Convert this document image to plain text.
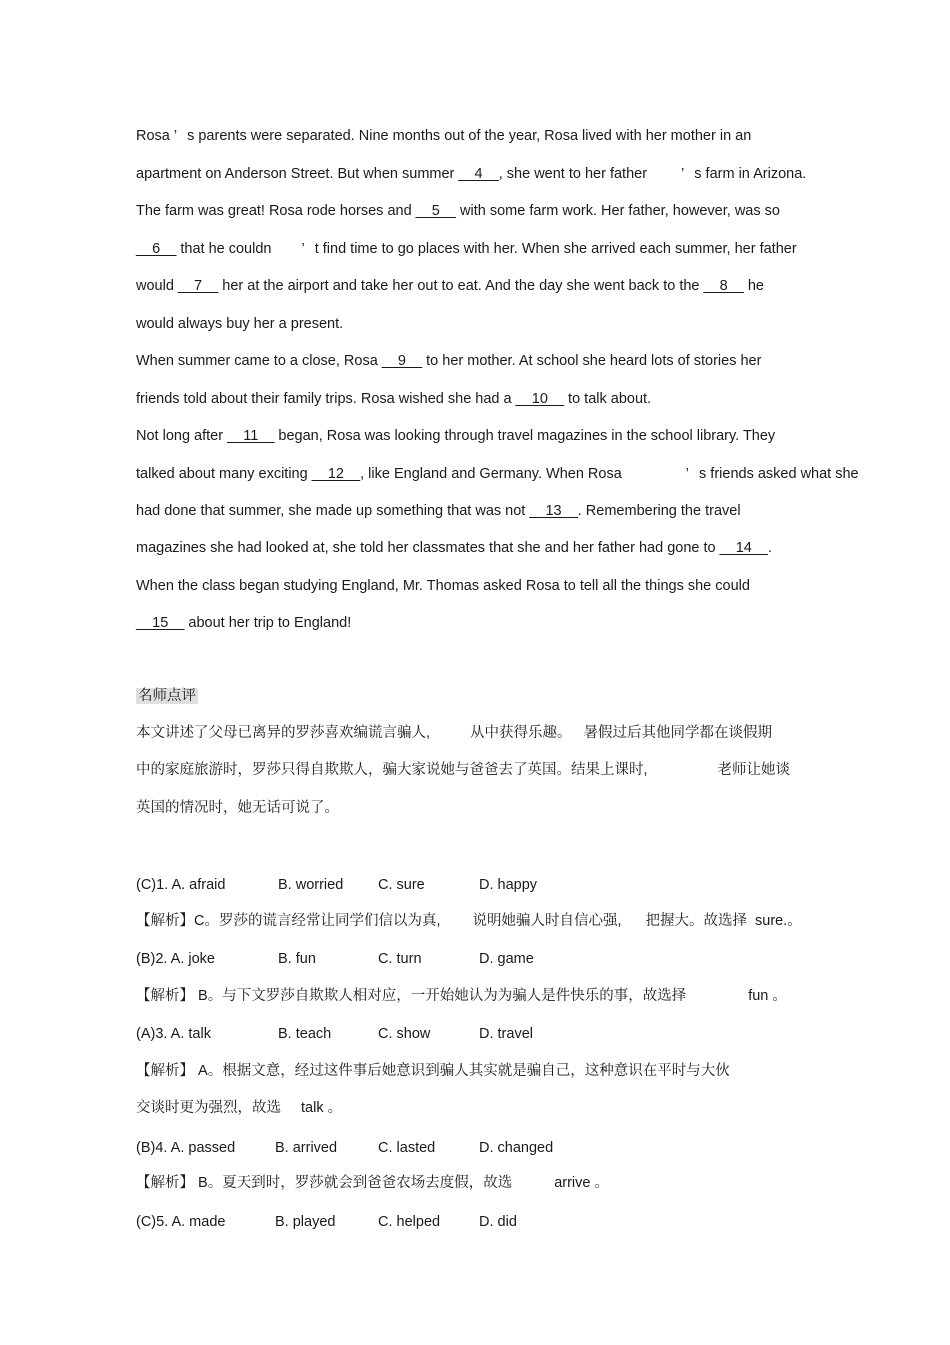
Rosa ’ s parents were separated. Nine months out of the year, Rosa lived with her mother in an
apartment on Anderson Street. But when summer __4__, she went to her father ’ s farm in Arizona.
The farm was great! Rosa rode horses and __5__ with some farm work. Her father, however, was so
__6__ that he couldn ’ t find time to go places with her. When she arrived each summer, her father
would __7__ her at the airport and take her out to eat. And the day she went back to the __8__ he
would always buy her a present.
When summer came to a close, Rosa __9__ to her mother. At school she heard lots of stories her
friends told about their family trips. Rosa wished she had a __10__ to talk about.
Not long after __11__ began, Rosa was looking through travel magazines in the school library. They
talked about many exciting __12__, like England and Germany. When Rosa	’ s friends asked what she
had done that summer, she made up something that was not __13__. Remembering the travel
magazines she had looked at, she told her classmates that she and her father had gone to __14__.
When the class began studying England, Mr. Thomas asked Rosa to tell all the things she could
__15__ about her trip to England!
名师点评
本文讲述了父母已离异的罗莎喜欢编谎言骗人,	从中获得乐趣。 暑假过后其他同学都在谈假期
中的家庭旅游时，罗莎只得自欺欺人，骗大家说她与爸爸去了英国。结果上课时,	老师让她谈
英国的情况时，她无话可说了。
(C)1. A. afraid	B. worried C. sure	D. happy
【解析】C。罗莎的谎言经常让同学们信以为真, 说明她骗人时自信心强, 把握大。故选择 sure.。
(B)2. A. joke	B. fun	C. turn	D. game
【解析】 B。与下文罗莎自欺欺人相对应，一开始她认为为骗人是件快乐的事，故选择	fun 。
(A)3. A. talk	B. teach	C. show	D. travel
【解析】 A。根据文意，经过这件事后她意识到骗人其实就是骗自己，这种意识在平时与大伙
交谈时更为强烈，故选 talk 。
(B)4. A. passed	B. arrived	C. lasted	D. changed
【解析】 B。夏天到时，罗莎就会到爸爸农场去度假，故选	arrive 。
(C)5. A. made	B. played	C. helped	D. did
